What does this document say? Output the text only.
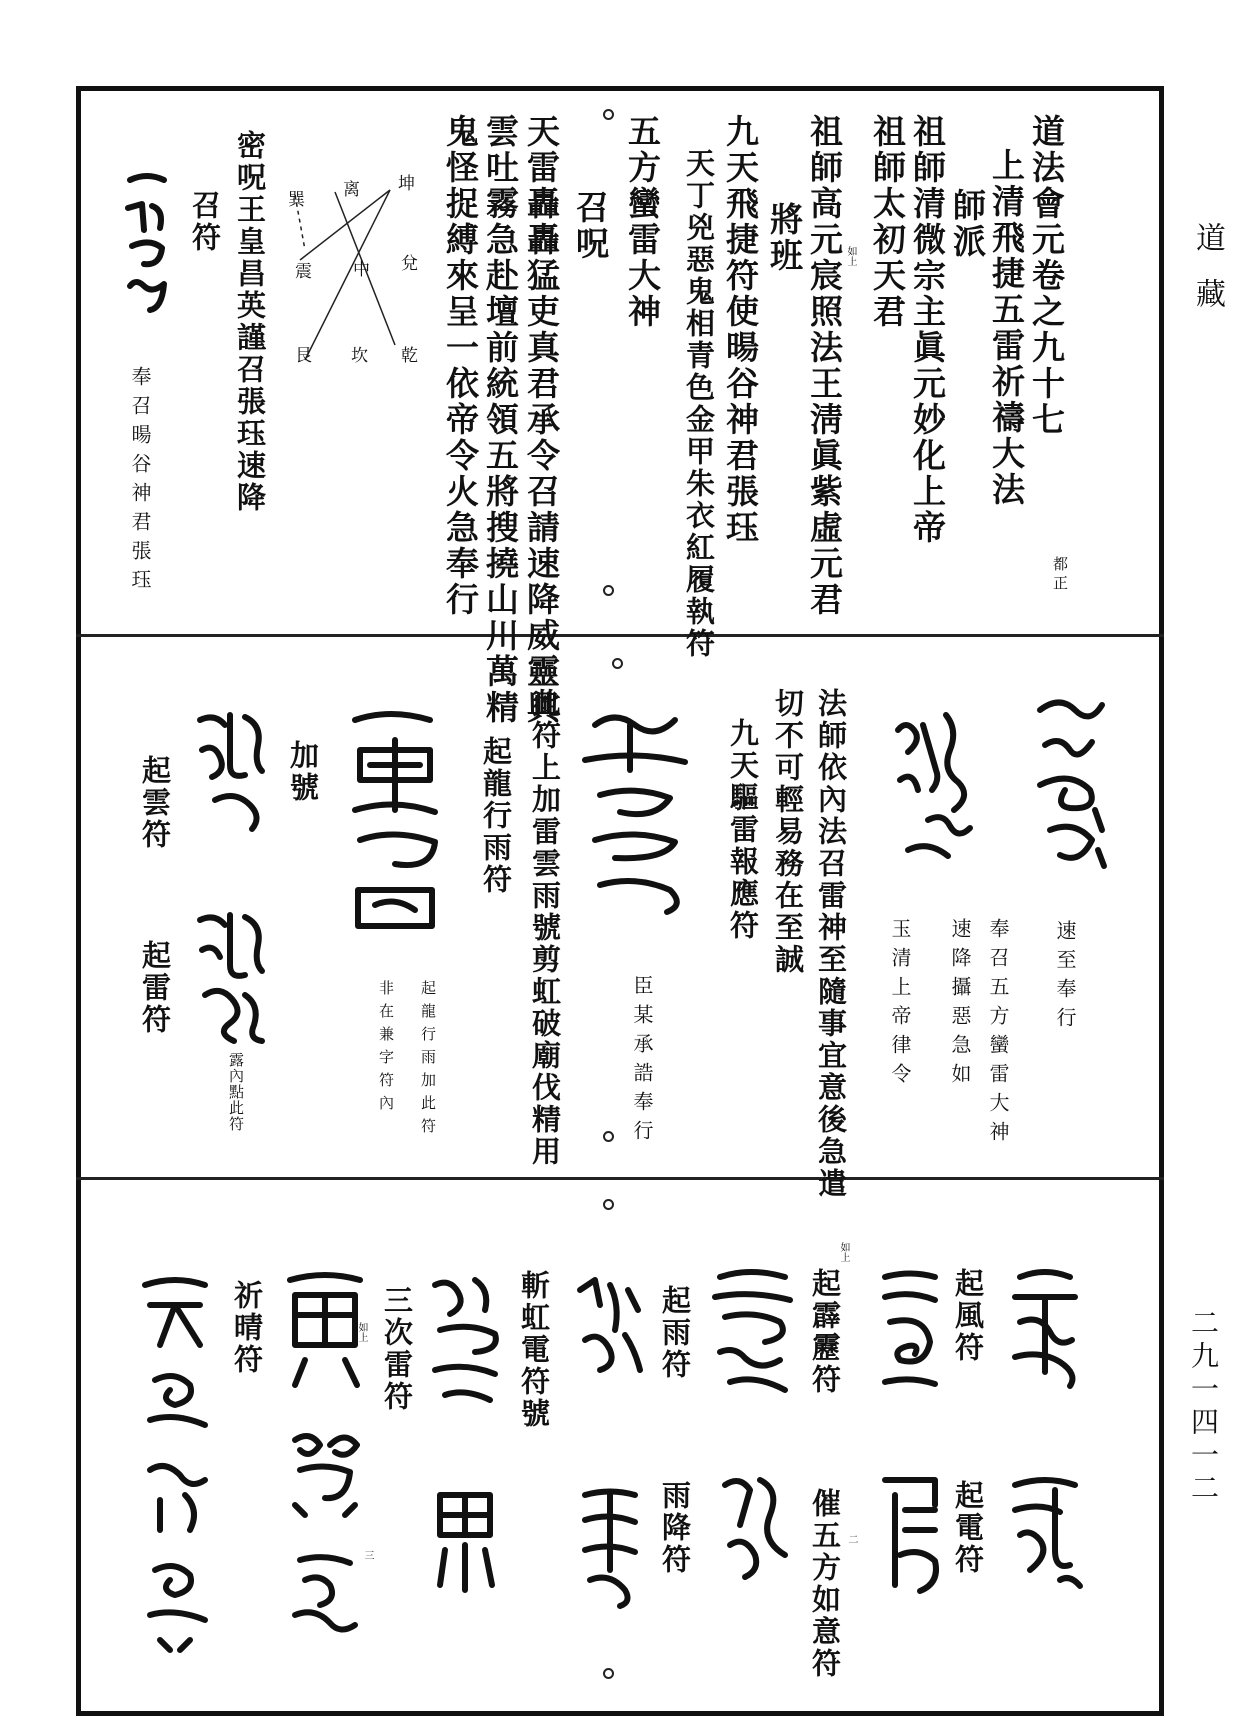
道藏
二九一四一二
道法會元卷之九十七
上清飛捷五雷祈禱大法
師派
祖師清微宗主眞元妙化上帝
祖師太初天君
祖師高元宸照法王淸眞紫虛元君
將班
九天飛捷符使暘谷神君張珏
天丁兇惡鬼相青色金甲朱衣紅履執符
五方蠻雷大神
召呪
天雷轟轟猛吏真君承令召請速降威靈興
雲吐霧急赴壇前統領五將搜撓山川萬精
鬼怪捉縛來呈一依帝令火急奉行
密呪王皇昌英謹召張珏速降
召符
奉召暘谷神君張珏	都正
如上
坤
离
巽
兌
中
震
乾
坎
艮
速至奉行
奉召五方蠻雷大神
速降攝惡急如
玉清上帝律令
法師依內法召雷神至隨事宜意後急遣
切不可輕易務在至誠
九天驅雷報應符
臣某承誥奉行
起龍行雨符 此符上加雷雲雨號剪虹破廟伐精用
起龍行雨加此符
非在兼字符內
加號
起雲符
起雷符
露內點此符
起風符
起電符
催五方如意符
起霹靂符
起雨符
雨降符
斬虹電符號
三次雷符
祈晴符
如上
如上
二
三
